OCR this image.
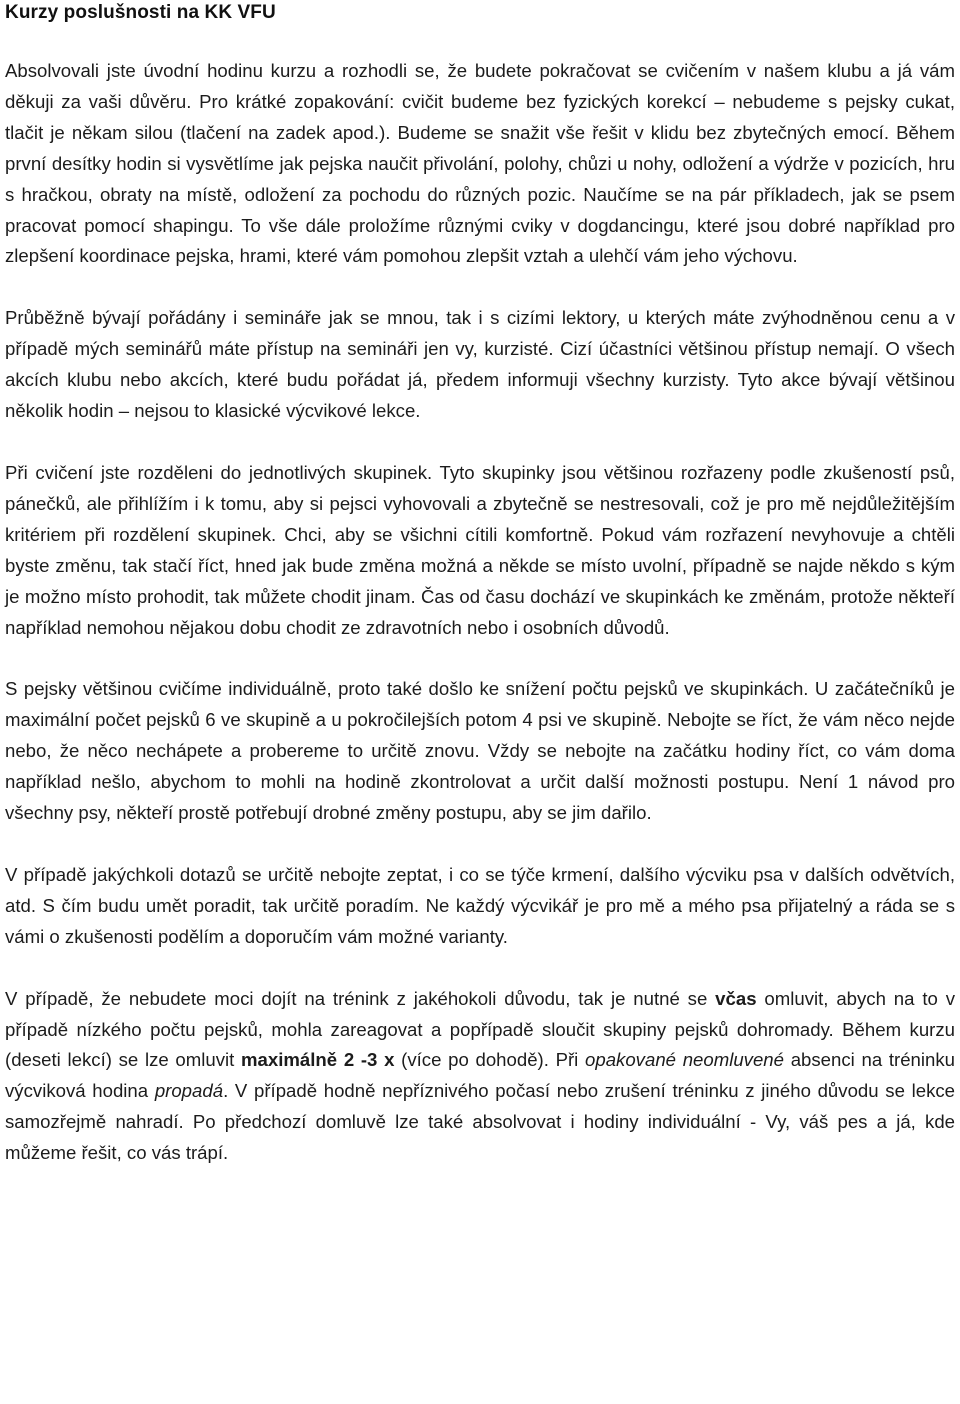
Kurzy poslušnosti na KK VFU

Absolvovali jste úvodní hodinu kurzu a rozhodli se, že budete pokračovat se cvičením v našem klubu a já vám děkuji za vaši důvěru. Pro krátké zopakování: cvičit budeme bez fyzických korekcí – nebudeme s pejsky cukat, tlačit je někam silou (tlačení na zadek apod.). Budeme se snažit vše řešit v klidu bez zbytečných emocí. Během první desítky hodin si vysvětlíme jak pejska naučit přivolání, polohy, chůzi u nohy, odložení a výdrže v pozicích, hru s hračkou, obraty na místě, odložení za pochodu do různých pozic. Naučíme se na pár příkladech, jak se psem pracovat pomocí shapingu. To vše dále proložíme různými cviky v dogdancingu, které jsou dobré například pro zlepšení koordinace pejska, hrami, které vám pomohou zlepšit vztah a ulehčí vám jeho výchovu.

Průběžně bývají pořádány i semináře jak se mnou, tak i s cizími lektory, u kterých máte zvýhodněnou cenu a v případě mých seminářů máte přístup na semináři jen vy, kurzisté. Cizí účastníci většinou přístup nemají. O všech akcích klubu nebo akcích, které budu pořádat já, předem informuji všechny kurzisty. Tyto akce bývají většinou několik hodin – nejsou to klasické výcvikové lekce.

Při cvičení jste rozděleni do jednotlivých skupinek. Tyto skupinky jsou většinou rozřazeny podle zkušeností psů, pánečků, ale přihlížím i k tomu, aby si pejsci vyhovovali a zbytečně se nestresovali, což je pro mě nejdůležitějším kritériem při rozdělení skupinek. Chci, aby se všichni cítili komfortně. Pokud vám rozřazení nevyhovuje a chtěli byste změnu, tak stačí říct, hned jak bude změna možná a někde se místo uvolní, případně se najde někdo s kým je možno místo prohodit, tak můžete chodit jinam. Čas od času dochází ve skupinkách ke změnám, protože někteří například nemohou nějakou dobu chodit ze zdravotních nebo i osobních důvodů.

S pejsky většinou cvičíme individuálně, proto také došlo ke snížení počtu pejsků ve skupinkách. U začátečníků je maximální počet pejsků 6 ve skupině a u pokročilejších potom 4 psi ve skupině. Nebojte se říct, že vám něco nejde nebo, že něco nechápete a probereme to určitě znovu. Vždy se nebojte na začátku hodiny říct, co vám doma například nešlo, abychom to mohli na hodině zkontrolovat a určit další možnosti postupu. Není 1 návod pro všechny psy, někteří prostě potřebují drobné změny postupu, aby se jim dařilo.

V případě jakýchkoli dotazů se určitě nebojte zeptat, i co se týče krmení, dalšího výcviku psa v dalších odvětvích, atd. S čím budu umět poradit, tak určitě poradím. Ne každý výcvikář je pro mě a mého psa přijatelný a ráda se s vámi o zkušenosti podělím a doporučím vám možné varianty.

V případě, že nebudete moci dojít na trénink z jakéhokoli důvodu, tak je nutné se včas omluvit, abych na to v případě nízkého počtu pejsků, mohla zareagovat a popřípadě sloučit skupiny pejsků dohromady. Během kurzu (deseti lekcí) se lze omluvit maximálně 2 -3 x (více po dohodě). Při opakované neomluvené absenci na tréninku výcviková hodina propadá. V případě hodně nepříznivého počasí nebo zrušení tréninku z jiného důvodu se lekce samozřejmě nahradí. Po předchozí domluvě lze také absolvovat i hodiny individuální - Vy, váš pes a já, kde můžeme řešit, co vás trápí.
